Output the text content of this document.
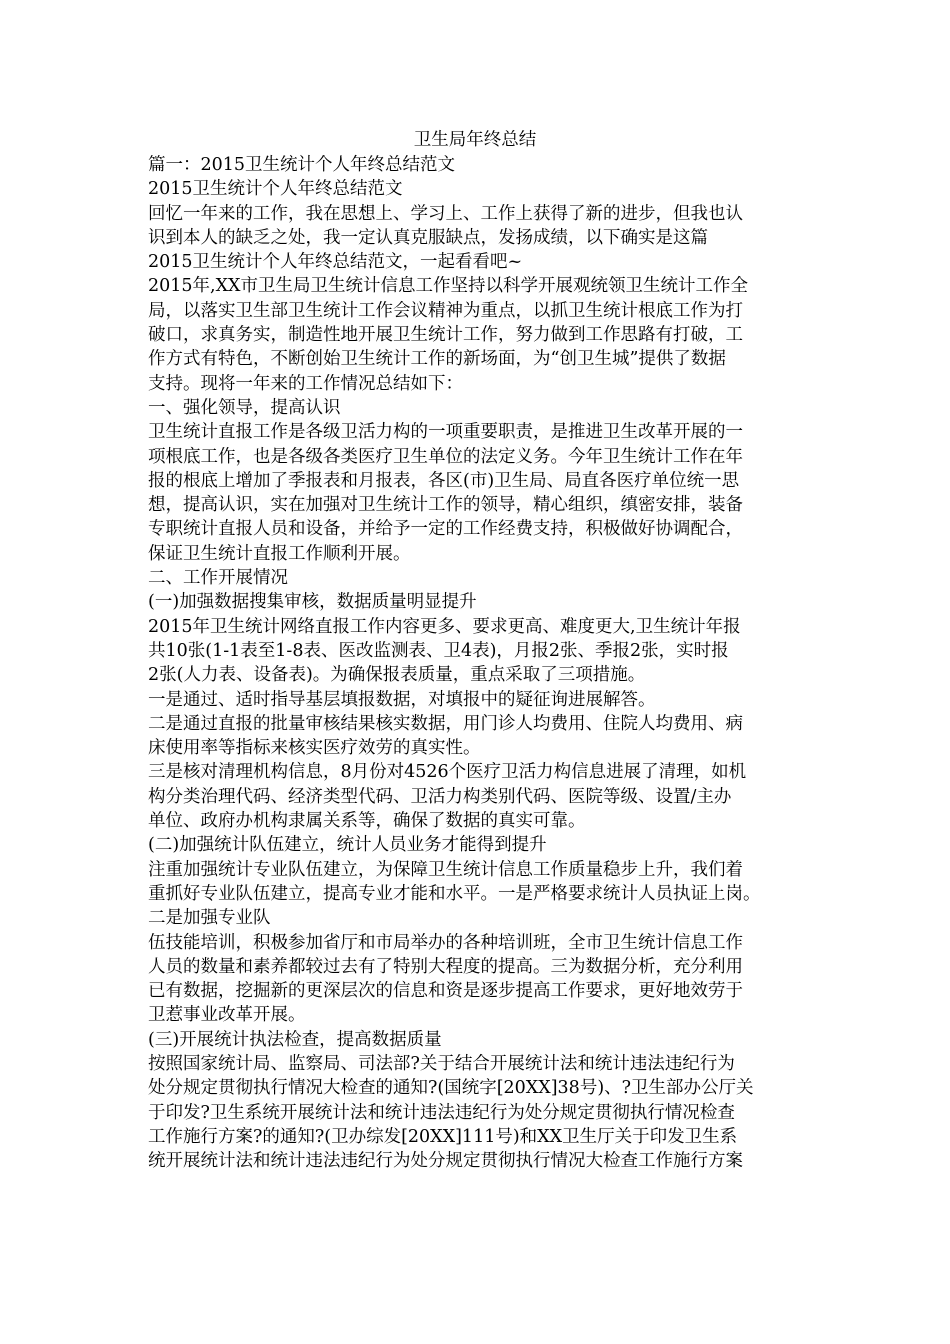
卫生局年终总结
篇一：2015卫生统计个人年终总结范文
2015卫生统计个人年终总结范文
回忆一年来的工作，我在思想上、学习上、工作上获得了新的进步，但我也认
识到本人的缺乏之处，我一定认真克服缺点，发扬成绩，以下确实是这篇
2015卫生统计个人年终总结范文，一起看看吧~
2015年,XX市卫生局卫生统计信息工作坚持以科学开展观统领卫生统计工作全
局，以落实卫生部卫生统计工作会议精神为重点，以抓卫生统计根底工作为打
破口，求真务实，制造性地开展卫生统计工作，努力做到工作思路有打破，工
作方式有特色，不断创始卫生统计工作的新场面，为“创卫生城”提供了数据
支持。现将一年来的工作情况总结如下：
一、强化领导，提高认识
卫生统计直报工作是各级卫活力构的一项重要职责，是推进卫生改革开展的一
项根底工作，也是各级各类医疗卫生单位的法定义务。今年卫生统计工作在年
报的根底上增加了季报表和月报表，各区(市)卫生局、局直各医疗单位统一思
想，提高认识，实在加强对卫生统计工作的领导，精心组织，缜密安排，装备
专职统计直报人员和设备，并给予一定的工作经费支持，积极做好协调配合，
保证卫生统计直报工作顺利开展。
二、工作开展情况
(一)加强数据搜集审核，数据质量明显提升
2015年卫生统计网络直报工作内容更多、要求更高、难度更大,卫生统计年报
共10张(1-1表至1-8表、医改监测表、卫4表)，月报2张、季报2张，实时报
2张(人力表、设备表)。为确保报表质量，重点采取了三项措施。
一是通过、适时指导基层填报数据，对填报中的疑征询进展解答。
二是通过直报的批量审核结果核实数据，用门诊人均费用、住院人均费用、病
床使用率等指标来核实医疗效劳的真实性。
三是核对清理机构信息，8月份对4526个医疗卫活力构信息进展了清理，如机
构分类治理代码、经济类型代码、卫活力构类别代码、医院等级、设置/主办
单位、政府办机构隶属关系等，确保了数据的真实可靠。
(二)加强统计队伍建立，统计人员业务才能得到提升
注重加强统计专业队伍建立，为保障卫生统计信息工作质量稳步上升，我们着
重抓好专业队伍建立，提高专业才能和水平。一是严格要求统计人员执证上岗。
二是加强专业队
伍技能培训，积极参加省厅和市局举办的各种培训班，全市卫生统计信息工作
人员的数量和素养都较过去有了特别大程度的提高。三为数据分析，充分利用
已有数据，挖掘新的更深层次的信息和资是逐步提高工作要求，更好地效劳于
卫惹事业改革开展。
(三)开展统计执法检查，提高数据质量
按照国家统计局、监察局、司法部?关于结合开展统计法和统计违法违纪行为
处分规定贯彻执行情况大检查的通知?(国统字[20XX]38号)、?卫生部办公厅关
于印发?卫生系统开展统计法和统计违法违纪行为处分规定贯彻执行情况检查
工作施行方案?的通知?(卫办综发[20XX]111号)和XX卫生厅关于印发卫生系
统开展统计法和统计违法违纪行为处分规定贯彻执行情况大检查工作施行方案
